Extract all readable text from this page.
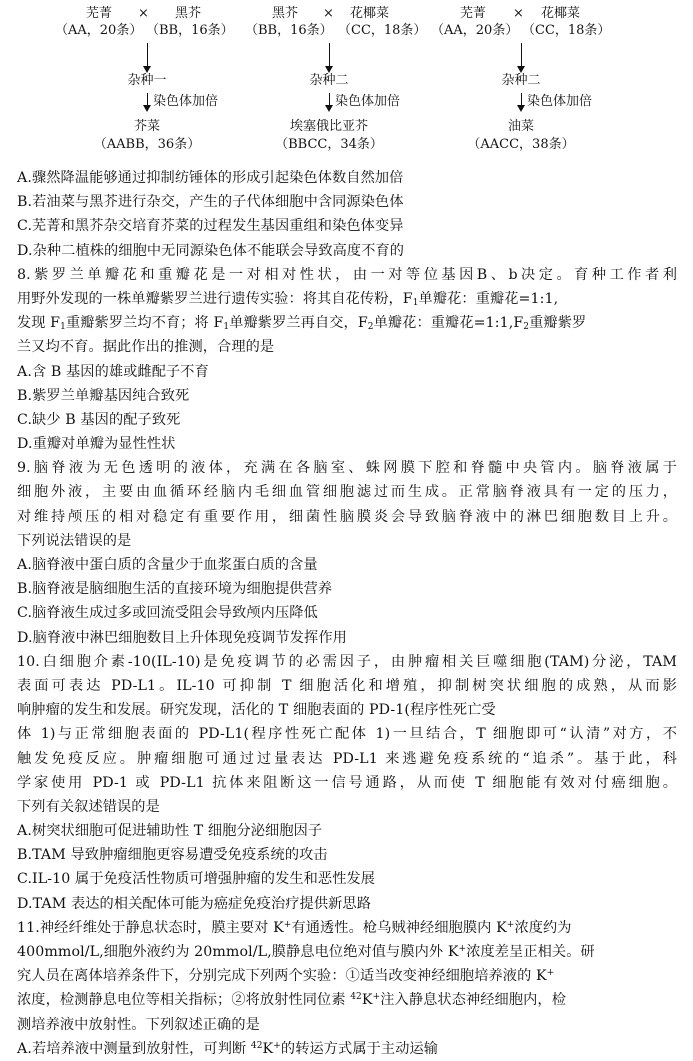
芜菁 × 黑芥
（AA，20条） （BB，16条）
杂种一
染色体加倍
芥菜
（AABB，36条）
黑芥 × 花椰菜
（BB，16条） （CC，18条）
杂种二
染色体加倍
埃塞俄比亚芥
（BBCC，34条）
芜菁 × 花椰菜
（AA，20条） （CC，18条）
杂种二
染色体加倍
油菜
（AACC，38条）
A.骤然降温能够通过抑制纺锤体的形成引起染色体数自然加倍
B.若油菜与黑芥进行杂交，产生的子代体细胞中含同源染色体
C.芜菁和黑芥杂交培育芥菜的过程发生基因重组和染色体变异
D.杂种二植株的细胞中无同源染色体不能联会导致高度不育的
8.紫罗兰单瓣花和重瓣花是一对相对性状，由一对等位基因B、b决定。育种工作者利
用野外发现的一株单瓣紫罗兰进行遗传实验：将其自花传粉，$F_1$单瓣花：重瓣花=1:1,
发现 $F_1$重瓣紫罗兰均不育；将 $F_1$单瓣紫罗兰再自交，$F_2$单瓣花：重瓣花$=1:1,F_2$重瓣紫罗
兰又均不育。据此作出的推测，合理的是
A.含 B 基因的雄或雌配子不育
B.紫罗兰单瓣基因纯合致死
C.缺少 B 基因的配子致死
D.重瓣对单瓣为显性性状
9.脑脊液为无色透明的液体，充满在各脑室、蛛网膜下腔和脊髓中央管内。脑脊液属于
细胞外液，主要由血循环经脑内毛细血管细胞滤过而生成。正常脑脊液具有一定的压力，
对维持颅压的相对稳定有重要作用，细菌性脑膜炎会导致脑脊液中的淋巴细胞数目上升。
下列说法错误的是
A.脑脊液中蛋白质的含量少于血浆蛋白质的含量
B.脑脊液是脑细胞生活的直接环境为细胞提供营养
C.脑脊液生成过多或回流受阻会导致颅内压降低
D.脑脊液中淋巴细胞数目上升体现免疫调节发挥作用
10.白细胞介素-10(IL-10)是免疫调节的必需因子，由肿瘤相关巨噬细胞(TAM)分泌，TAM
表面可表达 PD-L1。IL-10 可抑制 T 细胞活化和增殖，抑制树突状细胞的成熟，从而影
响肿瘤的发生和发展。研究发现，活化的 T 细胞表面的 PD-1(程序性死亡受
体 1)与正常细胞表面的 PD-L1(程序性死亡配体 1)一旦结合，T 细胞即可“认清”对方，不
触发免疫反应。肿瘤细胞可通过过量表达 PD-L1 来逃避免疫系统的“追杀”。基于此，科
学家使用 PD-1 或 PD-L1 抗体来阻断这一信号通路，从而使 T 细胞能有效对付癌细胞。
下列有关叙述错误的是
A.树突状细胞可促进辅助性 T 细胞分泌细胞因子
B.TAM 导致肿瘤细胞更容易遭受免疫系统的攻击
C.IL-10 属于免疫活性物质可增强肿瘤的发生和恶性发展
D.TAM 表达的相关配体可能为癌症免疫治疗提供新思路
11.神经纤维处于静息状态时，膜主要对 K+有通透性。枪乌贼神经细胞膜内 K+浓度约为
400mmol/L,细胞外液约为 20mmol/L,膜静息电位绝对值与膜内外 K+浓度差呈正相关。研
究人员在离体培养条件下，分别完成下列两个实验：①适当改变神经细胞培养液的 K+
浓度，检测静息电位等相关指标；②将放射性同位素 $^{42}$K+注入静息状态神经细胞内，检
测培养液中放射性。下列叙述正确的是
A.若培养液中测量到放射性，可判断 $^{42}$K+的转运方式属于主动运输
